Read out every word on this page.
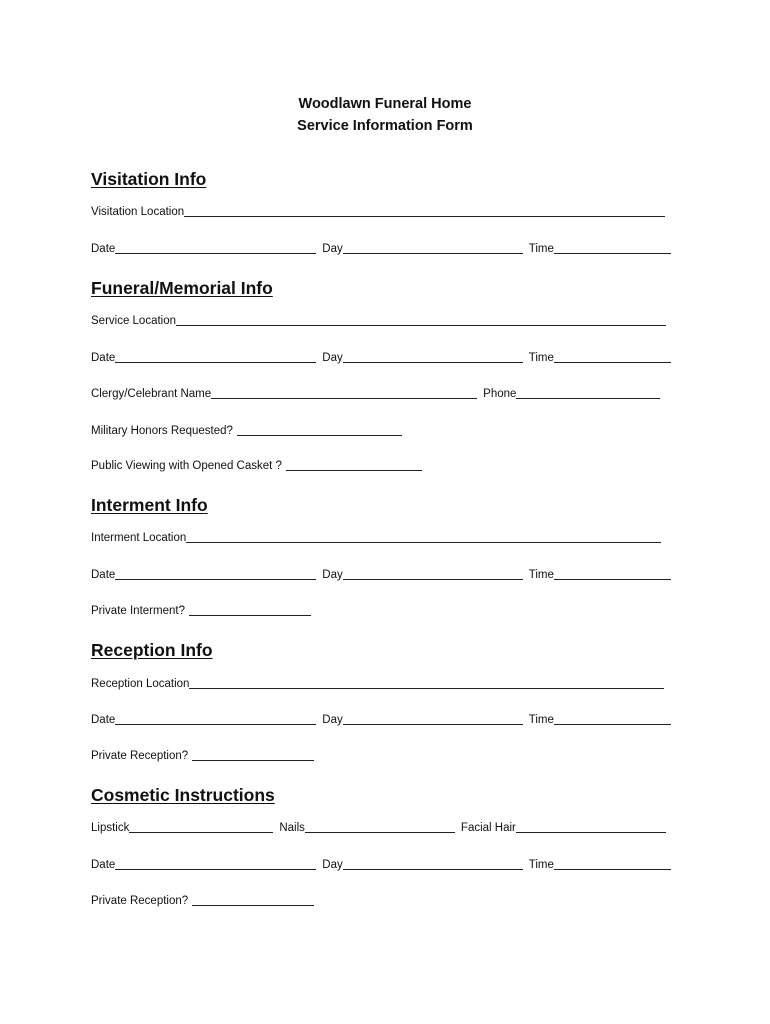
Woodlawn Funeral Home
Service Information Form
Visitation Info
Visitation Location
Date	Day	Time
Funeral/Memorial Info
Service Location
Date	Day	Time
Clergy/Celebrant Name	Phone
Military Honors Requested?
Public Viewing with Opened Casket ?
Interment Info
Interment Location
Date	Day	Time
Private Interment?
Reception Info
Reception Location
Date	Day	Time
Private Reception?
Cosmetic Instructions
Lipstick	Nails	Facial Hair
Date	Day	Time
Private Reception?
